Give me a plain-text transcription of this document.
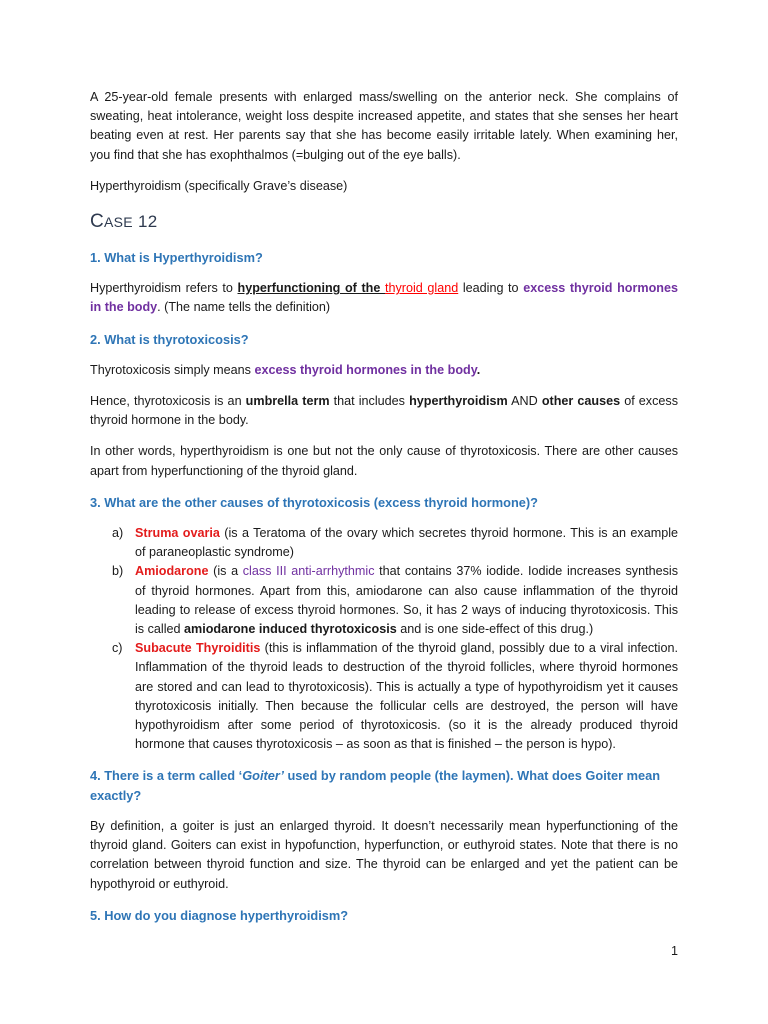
A 25-year-old female presents with enlarged mass/swelling on the anterior neck. She complains of sweating, heat intolerance, weight loss despite increased appetite, and states that she senses her heart beating even at rest. Her parents say that she has become easily irritable lately. When examining her, you find that she has exophthalmos (=bulging out of the eye balls).

Hyperthyroidism (specifically Grave’s disease)

CASE 12
1. What is Hyperthyroidism?

Hyperthyroidism refers to hyperfunctioning of the thyroid gland leading to excess thyroid hormones in the body. (The name tells the definition)

2. What is thyrotoxicosis?

Thyrotoxicosis simply means excess thyroid hormones in the body.

Hence, thyrotoxicosis is an umbrella term that includes hyperthyroidism AND other causes of excess thyroid hormone in the body.

In other words, hyperthyroidism is one but not the only cause of thyrotoxicosis. There are other causes apart from hyperfunctioning of the thyroid gland.

3. What are the other causes of thyrotoxicosis (excess thyroid hormone)?
a) Struma ovaria (is a Teratoma of the ovary which secretes thyroid hormone. This is an example of paraneoplastic syndrome)
b) Amiodarone (is a class III anti-arrhythmic that contains 37% iodide. Iodide increases synthesis of thyroid hormones. Apart from this, amiodarone can also cause inflammation of the thyroid leading to release of excess thyroid hormones. So, it has 2 ways of inducing thyrotoxicosis. This is called amiodarone induced thyrotoxicosis and is one side-effect of this drug.)
c) Subacute Thyroiditis (this is inflammation of the thyroid gland, possibly due to a viral infection. Inflammation of the thyroid leads to destruction of the thyroid follicles, where thyroid hormones are stored and can lead to thyrotoxicosis). This is actually a type of hypothyroidism yet it causes thyrotoxicosis initially. Then because the follicular cells are destroyed, the person will have hypothyroidism after some period of thyrotoxicosis. (so it is the already produced thyroid hormone that causes thyrotoxicosis – as soon as that is finished – the person is hypo).
4. There is a term called ‘Goiter’ used by random people (the laymen). What does Goiter mean exactly?

By definition, a goiter is just an enlarged thyroid. It doesn’t necessarily mean hyperfunctioning of the thyroid gland. Goiters can exist in hypofunction, hyperfunction, or euthyroid states. Note that there is no correlation between thyroid function and size. The thyroid can be enlarged and yet the patient can be hypothyroid or euthyroid.

5. How do you diagnose hyperthyroidism?
1
